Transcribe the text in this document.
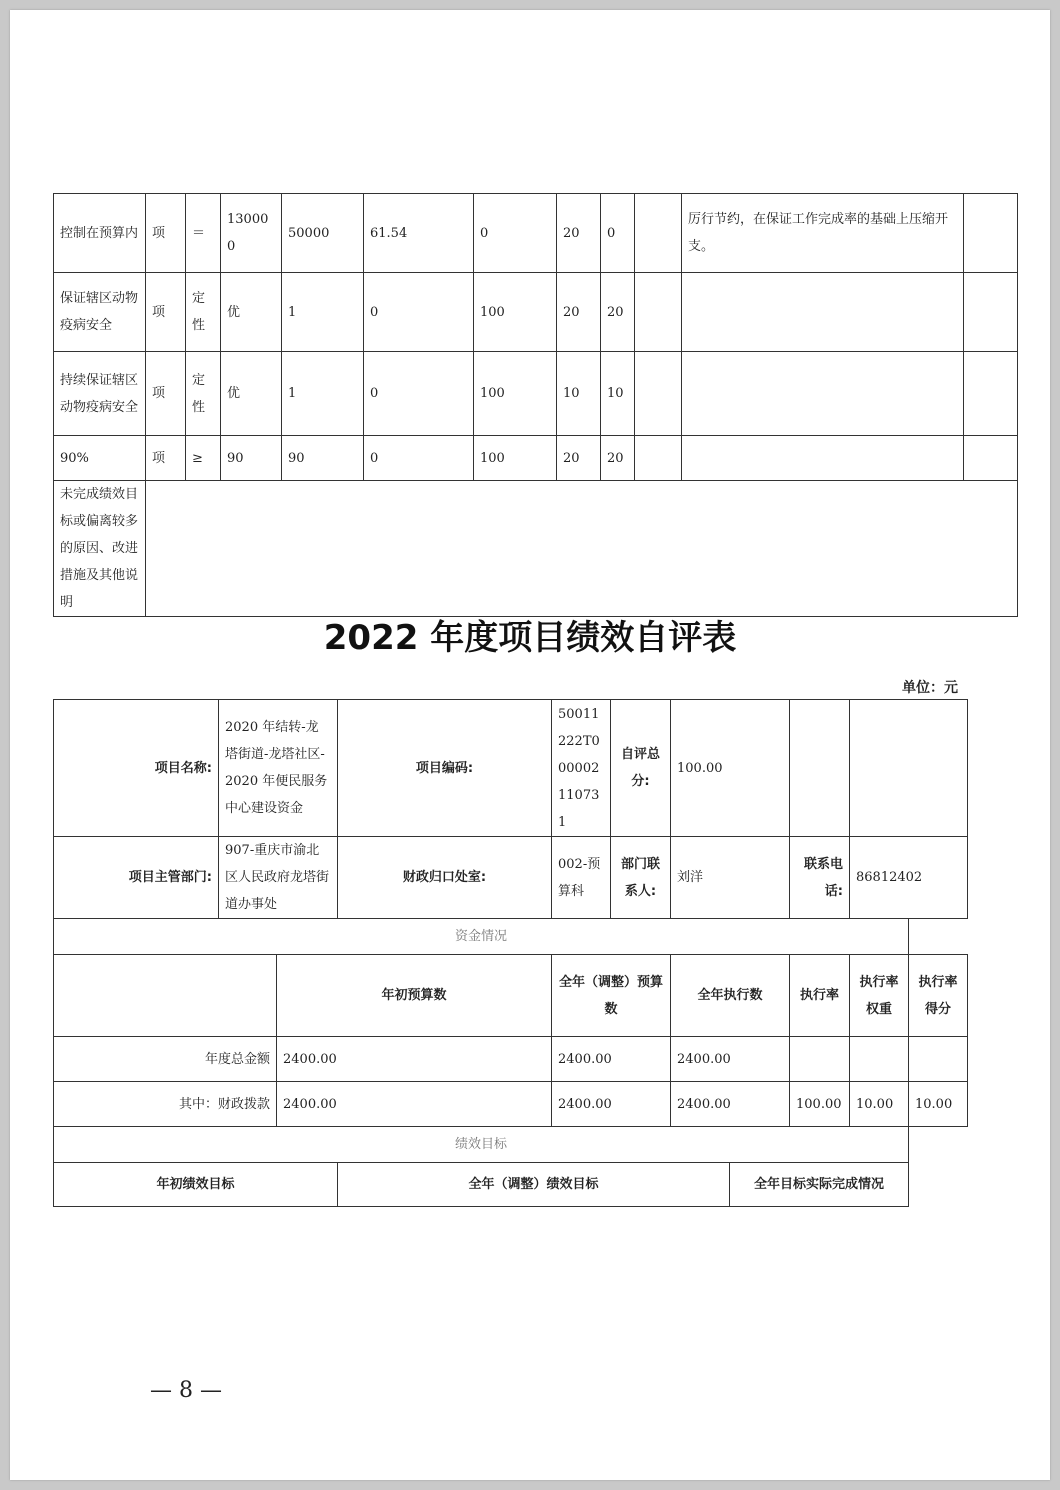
控制在预算内	项	＝	130000	50000	61.54	0	20	0		厉行节约，在保证工作完成率的基础上压缩开支。	
保证辖区动物疫病安全	项	定性	优	1	0	100	20	20			
持续保证辖区动物疫病安全	项	定性	优	1	0	100	10	10			
90%	项	≥	90	90	0	100	20	20			
未完成绩效目标或偏离较多的原因、改进措施及其他说明											
2022 年度项目绩效自评表
单位：元
项目名称:	2020 年结转-龙塔街道-龙塔社区-2020 年便民服务中心建设资金		项目编码:	50011222T000002110731	自评总分:	100.00				
项目主管部门:	907-重庆市渝北区人民政府龙塔街道办事处		财政归口处室:	002-预算科	部门联系人:	刘洋		联系电话:	86812402	
资金情况										
		年初预算数		全年（调整）预算数		全年执行数		执行率	执行率权重	执行率得分
年度总金额		2400.00		2400.00		2400.00				
其中：财政拨款		2400.00		2400.00		2400.00		100.00	10.00	10.00
绩效目标										
年初绩效目标			全年（调整）绩效目标				全年目标实际完成情况			
— 8 —
